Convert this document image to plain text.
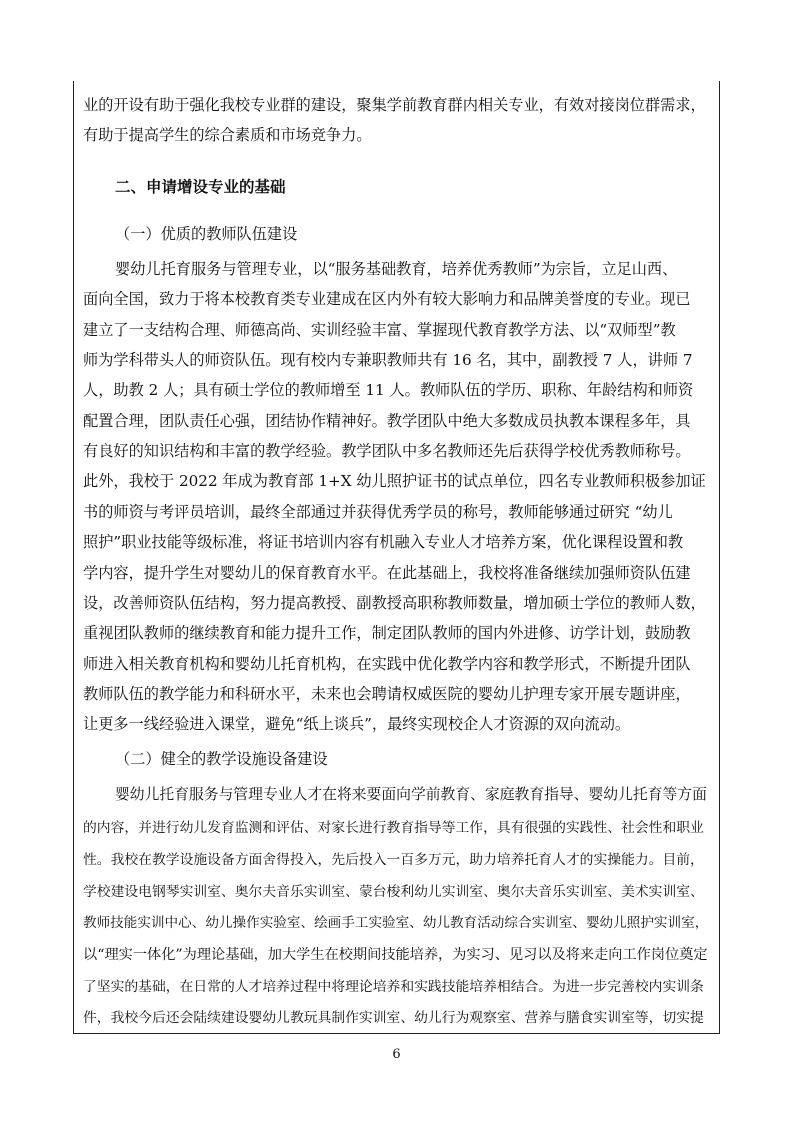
业的开设有助于强化我校专业群的建设，聚集学前教育群内相关专业，有效对接岗位群需求，
有助于提高学生的综合素质和市场竞争力。
二、申请增设专业的基础
（一）优质的教师队伍建设
婴幼儿托育服务与管理专业，以“服务基础教育，培养优秀教师”为宗旨，立足山西、
面向全国，致力于将本校教育类专业建成在区内外有较大影响力和品牌美誉度的专业。现已
建立了一支结构合理、师德高尚、实训经验丰富、掌握现代教育教学方法、以“双师型”教
师为学科带头人的师资队伍。现有校内专兼职教师共有 16 名，其中，副教授 7 人，讲师 7
人，助教 2 人；具有硕士学位的教师增至 11 人。教师队伍的学历、职称、年龄结构和师资
配置合理，团队责任心强，团结协作精神好。教学团队中绝大多数成员执教本课程多年，具
有良好的知识结构和丰富的教学经验。教学团队中多名教师还先后获得学校优秀教师称号。
此外，我校于 2022 年成为教育部 1+X 幼儿照护证书的试点单位，四名专业教师积极参加证
书的师资与考评员培训，最终全部通过并获得优秀学员的称号，教师能够通过研究 “幼儿
照护”职业技能等级标准，将证书培训内容有机融入专业人才培养方案，优化课程设置和教
学内容，提升学生对婴幼儿的保育教育水平。在此基础上，我校将准备继续加强师资队伍建
设，改善师资队伍结构，努力提高教授、副教授高职称教师数量，增加硕士学位的教师人数，
重视团队教师的继续教育和能力提升工作，制定团队教师的国内外进修、访学计划，鼓励教
师进入相关教育机构和婴幼儿托育机构，在实践中优化教学内容和教学形式，不断提升团队
教师队伍的教学能力和科研水平，未来也会聘请权威医院的婴幼儿护理专家开展专题讲座，
让更多一线经验进入课堂，避免“纸上谈兵”，最终实现校企人才资源的双向流动。
（二）健全的教学设施设备建设
婴幼儿托育服务与管理专业人才在将来要面向学前教育、家庭教育指导、婴幼儿托育等方面
的内容，并进行幼儿发育监测和评估、对家长进行教育指导等工作，具有很强的实践性、社会性和职业
性。我校在教学设施设备方面舍得投入，先后投入一百多万元，助力培养托育人才的实操能力。目前，
学校建设电钢琴实训室、奥尔夫音乐实训室、蒙台梭利幼儿实训室、奥尔夫音乐实训室、美术实训室、
教师技能实训中心、幼儿操作实验室、绘画手工实验室、幼儿教育活动综合实训室、婴幼儿照护实训室，
以“理实一体化”为理论基础，加大学生在校期间技能培养，为实习、见习以及将来走向工作岗位奠定
了坚实的基础，在日常的人才培养过程中将理论培养和实践技能培养相结合。为进一步完善校内实训条
件，我校今后还会陆续建设婴幼儿教玩具制作实训室、幼儿行为观察室、营养与膳食实训室等，切实提
6
